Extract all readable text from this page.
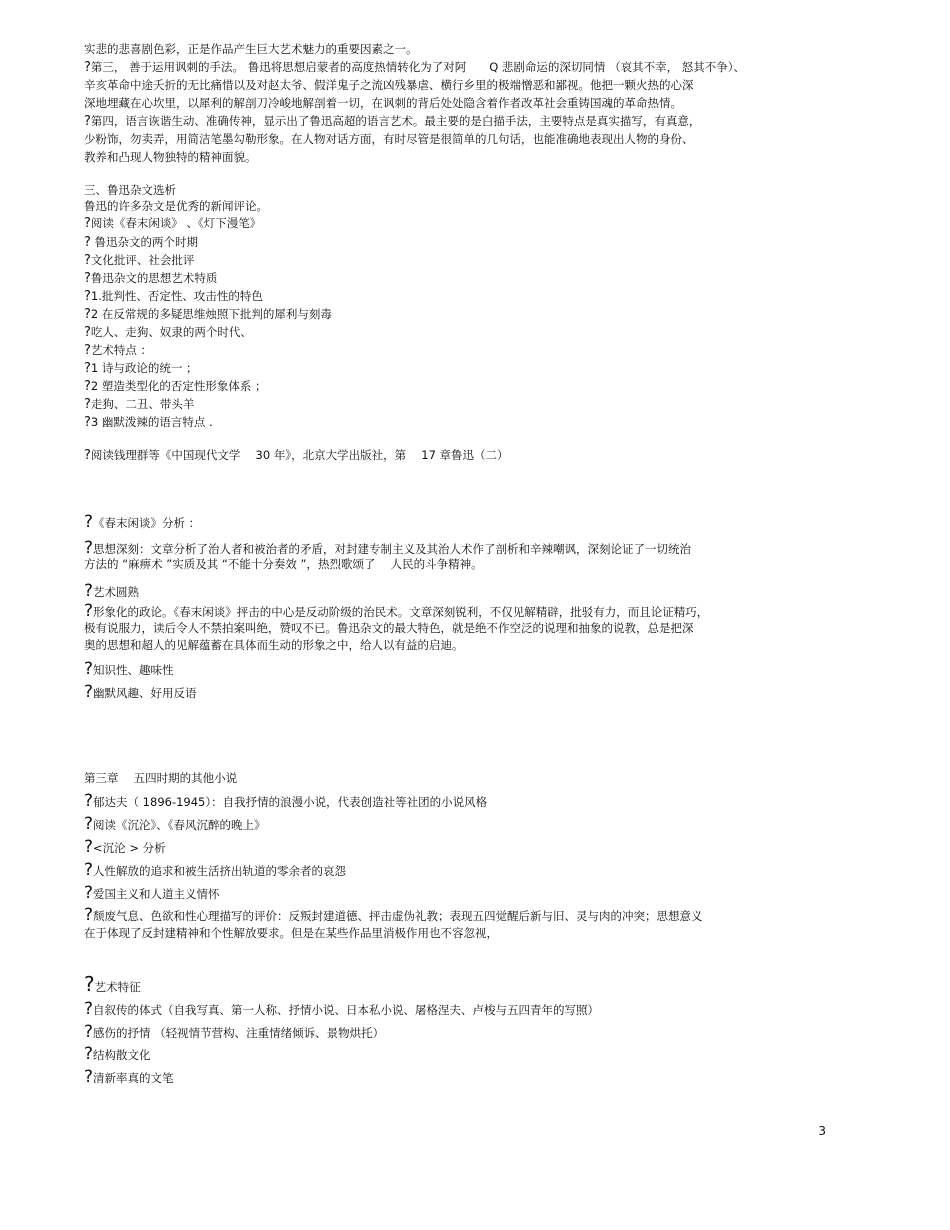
实悲的悲喜剧色彩，正是作品产生巨大艺术魅力的重要因素之一。
?第三， 善于运用讽刺的手法。 鲁迅将思想启蒙者的高度热情转化为了对阿　　Q 悲剧命运的深切同情 （哀其不幸， 怒其不争）、
辛亥革命中途夭折的无比痛惜以及对赵太爷、假洋鬼子之流凶残暴虐、横行乡里的极端憎恶和鄙视。他把一颗火热的心深
深地埋藏在心坎里，以犀利的解剖刀冷峻地解剖着一切，在讽刺的背后处处隐含着作者改革社会重铸国魂的革命热情。
?第四，语言诙谐生动、准确传神，显示出了鲁迅高超的语言艺术。最主要的是白描手法，主要特点是真实描写，有真意，
少粉饰，勿卖弄，用简洁笔墨勾勒形象。在人物对话方面，有时尽管是很简单的几句话，也能准确地表现出人物的身份、
教养和凸现人物独特的精神面貌。
三、鲁迅杂文选析
鲁迅的许多杂文是优秀的新闻评论。
?阅读《春末闲谈》 、《灯下漫笔》
? 鲁迅杂文的两个时期
?文化批评、社会批评
?鲁迅杂文的思想艺术特质
?1.批判性、否定性、攻击性的特色
?2 在反常规的多疑思维烛照下批判的犀利与刻毒
?吃人、走狗、奴隶的两个时代、
?艺术特点 ：
?1 诗与政论的统一 ；
?2 塑造类型化的否定性形象体系 ；
?走狗、二丑、带头羊
?3 幽默泼辣的语言特点 .
?阅读钱理群等《中国现代文学 　30 年》，北京大学出版社，第 　17 章鲁迅（二）
?《春末闲谈》分析 ：
?思想深刻：文章分析了治人者和被治者的矛盾，对封建专制主义及其治人术作了剖析和辛辣嘲讽，深刻论证了一切统治
方法的 “麻痹术 ”实质及其 “不能十分奏效 ”，热烈歌颂了 　人民的斗争精神。
?艺术圆熟
?形象化的政论。《春末闲谈》抨击的中心是反动阶级的治民术。文章深刻锐利，不仅见解精辟，批驳有力，而且论证精巧，
极有说服力，读后令人不禁拍案叫绝，赞叹不已。鲁迅杂文的最大特色，就是绝不作空泛的说理和抽象的说教，总是把深
奥的思想和超人的见解蕴蓄在具体而生动的形象之中，给人以有益的启迪。
?知识性、趣味性
?幽默风趣、好用反语
第三章 　五四时期的其他小说
?郁达夫（ 1896-1945）：自我抒情的浪漫小说，代表创造社等社团的小说风格
?阅读《沉沦》、《春风沉醉的晚上》
?<沉沦 > 分析
?人性解放的追求和被生活挤出轨道的零余者的哀怨
?爱国主义和人道主义情怀
?颓废气息、色欲和性心理描写的评价：反叛封建道德、抨击虚伪礼教；表现五四觉醒后新与旧、灵与肉的冲突；思想意义
在于体现了反封建精神和个性解放要求。但是在某些作品里消极作用也不容忽视，
?艺术特征
?自叙传的体式（自我写真、第一人称、抒情小说、日本私小说、屠格涅夫、卢梭与五四青年的写照）
?感伤的抒情 （轻视情节营构、注重情绪倾诉、景物烘托）
?结构散文化
?清新率真的文笔
3
